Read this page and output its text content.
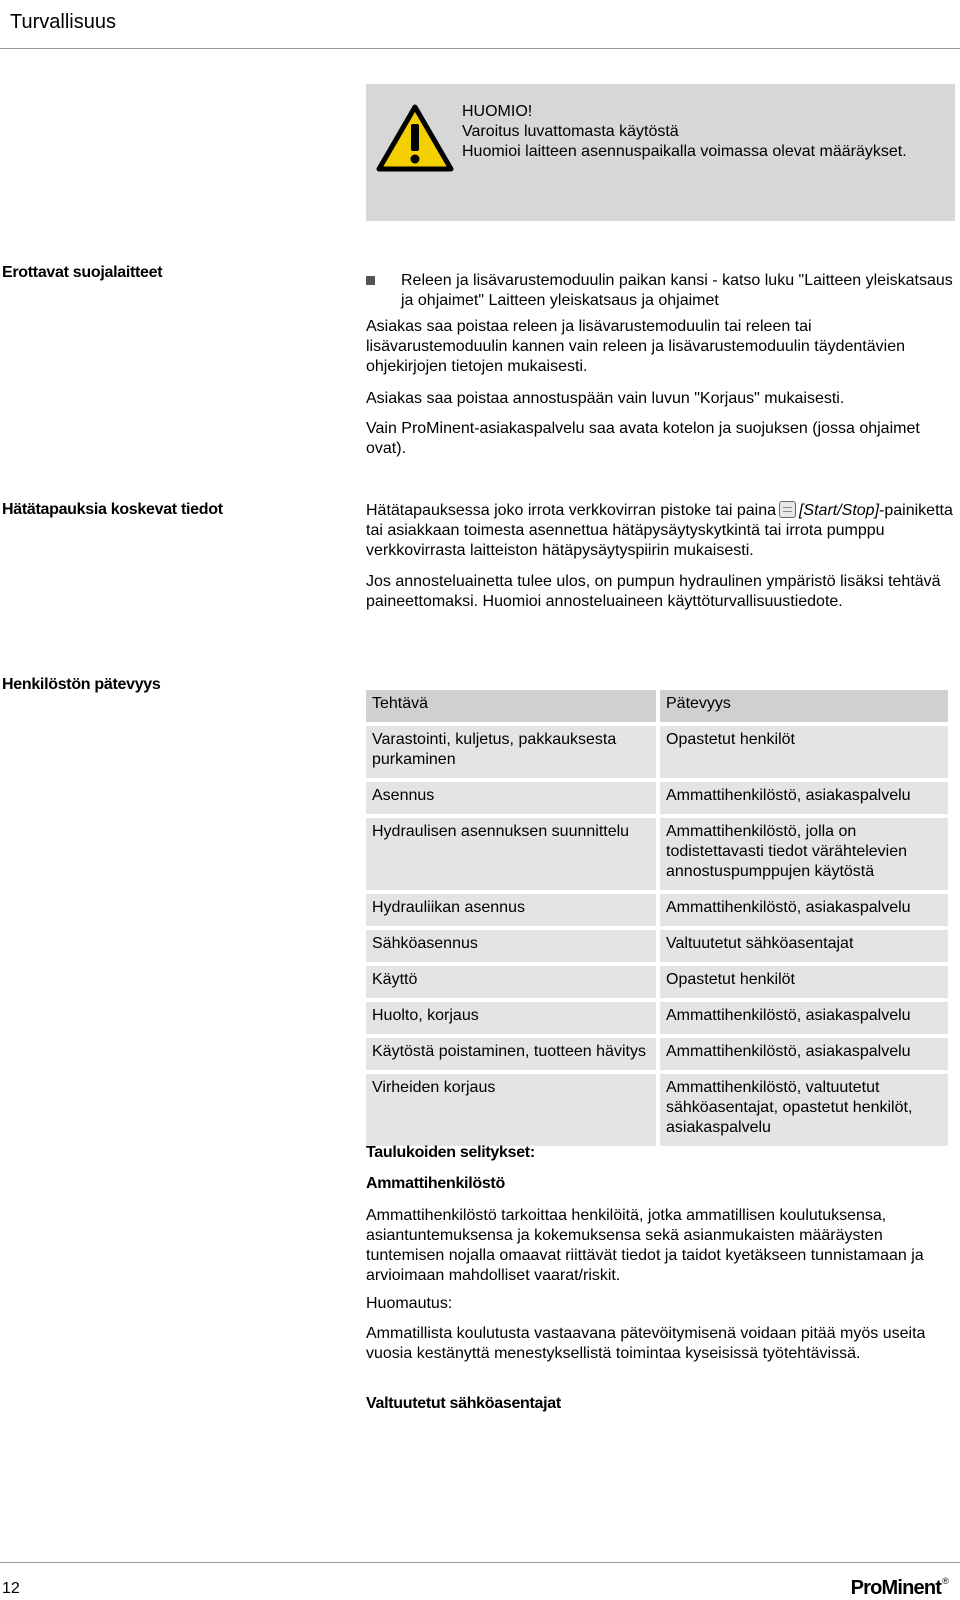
Turvallisuus
HUOMIO!
Varoitus luvattomasta käytöstä
Huomioi laitteen asennuspaikalla voimassa olevat määräykset.
Erottavat suojalaitteet	Releen ja lisävarustemoduulin paikan kansi - katso luku "Laitteen yleiskatsaus ja ohjaimet" Laitteen yleiskatsaus ja ohjaimet
Asiakas saa poistaa releen ja lisävarustemoduulin tai releen tai lisävarustemoduulin kannen vain releen ja lisävarustemoduulin täydentävien ohjekirjojen tietojen mukaisesti.
Asiakas saa poistaa annostuspään vain luvun "Korjaus" mukaisesti.
Vain ProMinent-asiakaspalvelu saa avata kotelon ja suojuksen (jossa ohjaimet ovat).
Hätätapauksia koskevat tiedot	Hätätapauksessa joko irrota verkkovirran pistoke tai paina [Start/Stop]-painiketta tai asiakkaan toimesta asennettua hätäpysäytyskytkintä tai irrota pumppu verkkovirrasta laitteiston hätäpysäytyspiirin mukaisesti.
Jos annosteluainetta tulee ulos, on pumpun hydraulinen ympäristö lisäksi tehtävä paineettomaksi. Huomioi annosteluaineen käyttöturvallisuustiedote.
Henkilöstön pätevyys
Tehtävä	Pätevyys
Varastointi, kuljetus, pakkauksesta purkaminen	Opastetut henkilöt
Asennus	Ammattihenkilöstö, asiakaspalvelu
Hydraulisen asennuksen suunnittelu	Ammattihenkilöstö, jolla on todistettavasti tiedot värähtelevien annostuspumppujen käytöstä
Hydrauliikan asennus	Ammattihenkilöstö, asiakaspalvelu
Sähköasennus	Valtuutetut sähköasentajat
Käyttö	Opastetut henkilöt
Huolto, korjaus	Ammattihenkilöstö, asiakaspalvelu
Käytöstä poistaminen, tuotteen hävitys	Ammattihenkilöstö, asiakaspalvelu
Virheiden korjaus	Ammattihenkilöstö, valtuutetut sähköasentajat, opastetut henkilöt, asiakaspalvelu
Taulukoiden selitykset:
Ammattihenkilöstö
Ammattihenkilöstö tarkoittaa henkilöitä, jotka ammatillisen koulutuksensa, asiantuntemuksensa ja kokemuksensa sekä asianmukaisten määräysten tuntemisen nojalla omaavat riittävät tiedot ja taidot kyetäkseen tunnistamaan ja arvioimaan mahdolliset vaarat/riskit.
Huomautus:
Ammatillista koulutusta vastaavana pätevöitymisenä voidaan pitää myös useita vuosia kestänyttä menestyksellistä toimintaa kyseisissä työtehtävissä.
Valtuutetut sähköasentajat
12	ProMinent®
